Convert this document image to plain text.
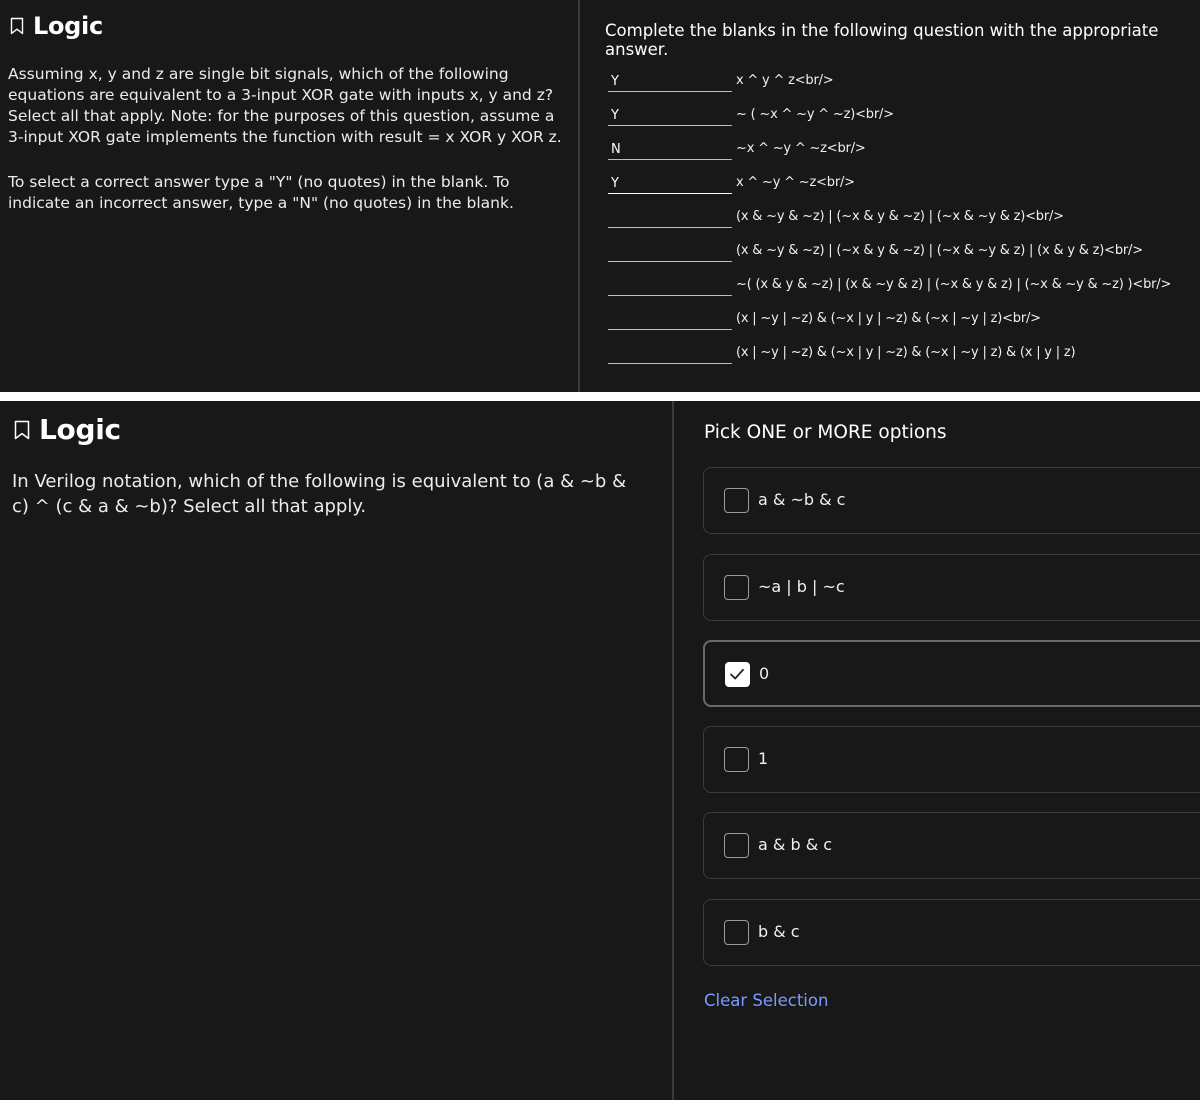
Logic
Assuming x, y and z are single bit signals, which of the following equations are equivalent to a 3-input XOR gate with inputs x, y and z? Select all that apply. Note: for the purposes of this question, assume a 3-input XOR gate implements the function with result = x XOR y XOR z.
To select a correct answer type a "Y" (no quotes) in the blank. To indicate an incorrect answer, type a "N" (no quotes) in the blank.
Complete the blanks in the following question with the appropriate answer.
Y
x ^ y ^ z<br/>
Y
~ ( ~x ^ ~y ^ ~z)<br/>
N
~x ^ ~y ^ ~z<br/>
Y
x ^ ~y ^ ~z<br/>
(x & ~y & ~z) | (~x & y & ~z) | (~x & ~y & z)<br/>
(x & ~y & ~z) | (~x & y & ~z) | (~x & ~y & z) | (x & y & z)<br/>
~( (x & y & ~z) | (x & ~y & z) | (~x & y & z) | (~x & ~y & ~z) )<br/>
(x | ~y | ~z) & (~x | y | ~z) & (~x | ~y | z)<br/>
(x | ~y | ~z) & (~x | y | ~z) & (~x | ~y | z) & (x | y | z)
Logic
In Verilog notation, which of the following is equivalent to (a & ~b & c) ^ (c & a & ~b)? Select all that apply.
Pick ONE or MORE options
a & ~b & c
~a | b | ~c
0
1
a & b & c
b & c
Clear Selection
